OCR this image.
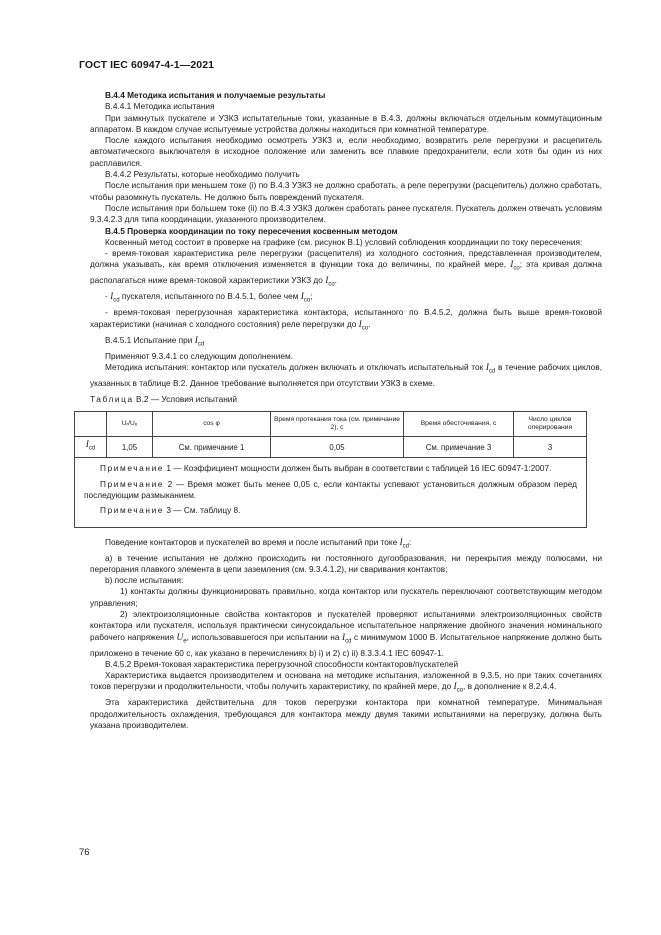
ГОСТ IEC 60947-4-1—2021

B.4.4 Методика испытания и получаемые результаты

B.4.4.1 Методика испытания

При замкнутых пускателе и УЗКЗ испытательные токи, указанные в B.4.3, должны включаться отдельным коммутационным аппаратом. В каждом случае испытуемые устройства должны находиться при комнатной температуре.

После каждого испытания необходимо осмотреть УЗКЗ и, если необходимо, возвратить реле перегрузки и расцепитель автоматического выключателя в исходное положение или заменить все плавкие предохранители, если хотя бы один из них расплавился.

B.4.4.2 Результаты, которые необходимо получить

После испытания при меньшем токе (i) по B.4.3 УЗКЗ не должно сработать, а реле перегрузки (расцепитель) должно сработать, чтобы разомкнуть пускатель. Не должно быть повреждений пускателя.

После испытания при большем токе (ii) по B.4.3 УЗКЗ должен сработать ранее пускателя. Пускатель должен отвечать условиям 9.3.4.2.3 для типа координации, указанного производителем.

B.4.5 Проверка координации по току пересечения косвенным методом

Косвенный метод состоит в проверке на графике (см. рисунок B.1) условий соблюдения координации по току пересечения:

- время-токовая характеристика реле перегрузки (расцепителя) из холодного состояния, представленная производителем, должна указывать, как время отключения изменяется в функции тока до величины, по крайней мере, $I_{co}$; эта кривая должна располагаться ниже время-токовой характеристики УЗКЗ до $I_{co}$.

- $I_{cd}$ пускателя, испытанного по B.4.5.1, более чем $I_{co}$;

- время-токовая перегрузочная характеристика контактора, испытанного по B.4.5.2, должна быть выше время-токовой характеристики (начиная с холодного состояния) реле перегрузки до $I_{co}$.

B.4.5.1 Испытание при $I_{cd}$

Применяют 9.3.4.1 со следующим дополнением.

Методика испытания: контактор или пускатель должен включать и отключать испытательный ток $I_{cd}$ в течение рабочих циклов, указанных в таблице B.2. Данное требование выполняется при отсутствии УЗКЗ в схеме.

Таблица B.2 — Условия испытаний

	Uᵣ/Uₑ	cos φ	Время протекания тока (см. примечание 2), с	Время обесточивания, с	Число циклов оперирования
$I_{cd}$	1,05	См. примечание 1	0,05	См. примечание 3	3

Примечание 1 — Коэффициент мощности должен быть выбран в соответствии с таблицей 16 IEC 60947-1:2007.

Примечание 2 — Время может быть менее 0,05 с, если контакты успевают установиться должным образом перед последующим размыканием.

Примечание 3 — См. таблицу 8.					

Поведение контакторов и пускателей во время и после испытаний при токе $I_{cd}$:

a) в течение испытания не должно происходить ни постоянного дугообразования, ни перекрытия между полюсами, ни перегорания плавкого элемента в цепи заземления (см. 9.3.4.1.2), ни сваривания контактов;

b) после испытания:

1) контакты должны функционировать правильно, когда контактор или пускатель переключают соответствующим методом управления;

2) электроизоляционные свойства контакторов и пускателей проверяют испытаниями электроизоляционных свойств контактора или пускателя, используя практически синусоидальное испытательное напряжение двойного значения номинального рабочего напряжения $U_e$, использовавшегося при испытании на $I_{cd}$ с минимумом 1000 В. Испытательное напряжение должно быть приложено в течение 60 с, как указано в перечислениях b) i) и 2) c) ii) 8.3.3.4.1 IEC 60947-1.

B.4.5.2 Время-токовая характеристика перегрузочной способности контакторов/пускателей

Характеристика выдается производителем и основана на методике испытания, изложенной в 9.3.5, но при таких сочетаниях токов перегрузки и продолжительности, чтобы получить характеристику, по крайней мере, до $I_{co}$, в дополнение к 8.2.4.4.

Эта характеристика действительна для токов перегрузки контактора при комнатной температуре. Минимальная продолжительность охлаждения, требующаяся для контактора между двумя такими испытаниями на перегрузку, должна быть указана производителем.

76
